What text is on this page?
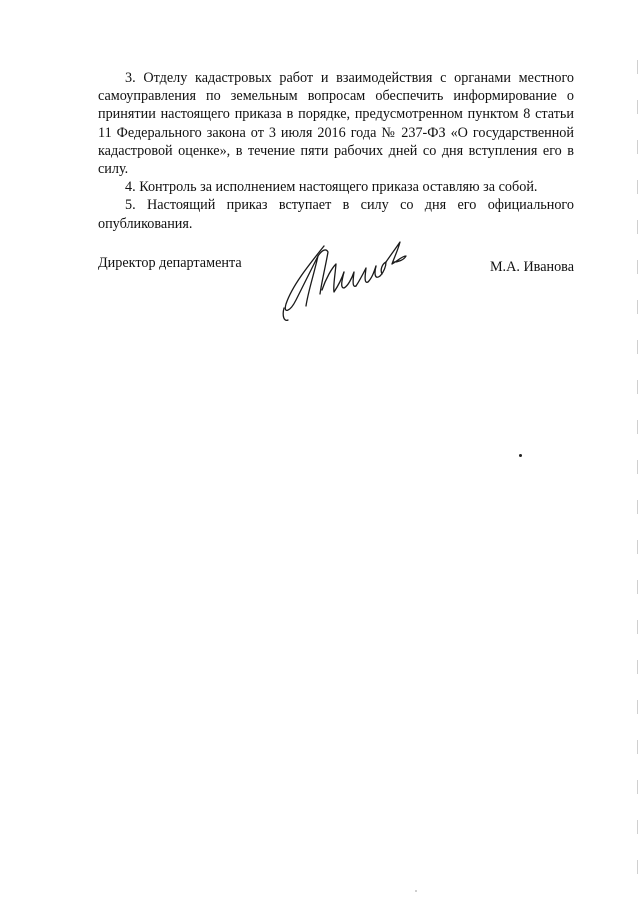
3. Отделу кадастровых работ и взаимодействия с органами местного самоуправления по земельным вопросам обеспечить информирование о принятии настоящего приказа в порядке, предусмотренном пунктом 8 статьи 11 Федерального закона от 3 июля 2016 года № 237-ФЗ «О государственной кадастровой оценке», в течение пяти рабочих дней со дня вступления его в силу.

4. Контроль за исполнением настоящего приказа оставляю за собой.

5. Настоящий приказ вступает в силу со дня его официального опубликования.

Директор департамента	М.А. Иванова
